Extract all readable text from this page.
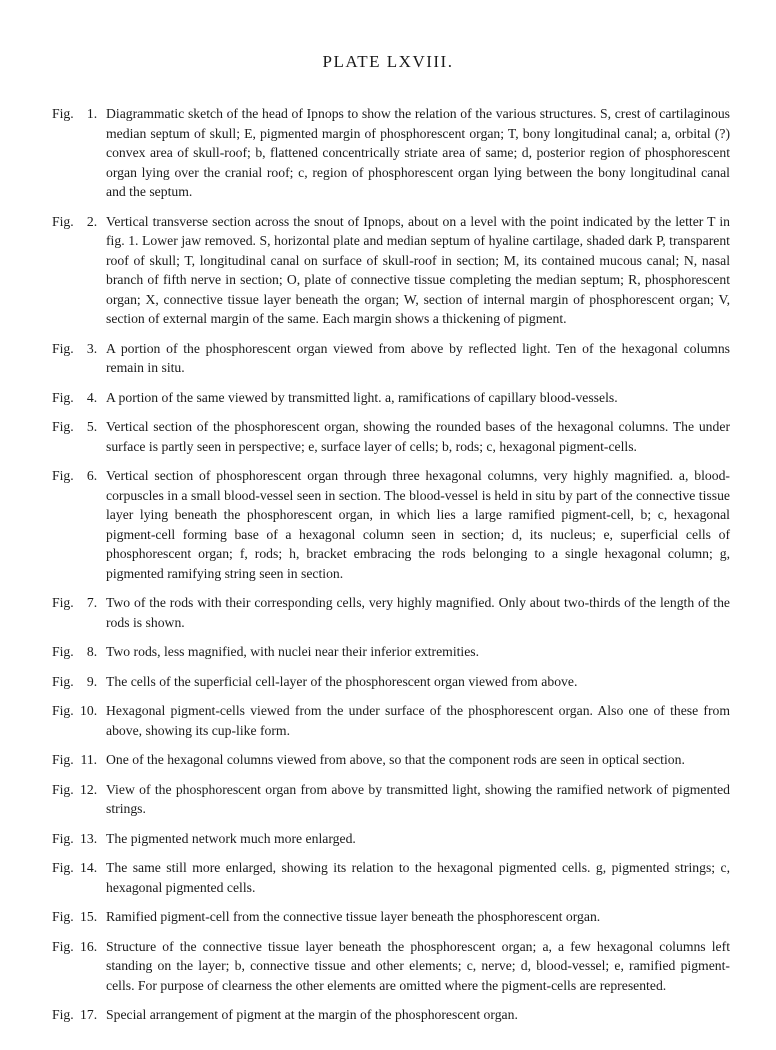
PLATE LXVIII.
Fig. 1. Diagrammatic sketch of the head of Ipnops to show the relation of the various structures. S, crest of cartilaginous median septum of skull; E, pigmented margin of phosphorescent organ; T, bony longitudinal canal; a, orbital (?) convex area of skull-roof; b, flattened concentrically striate area of same; d, posterior region of phosphorescent organ lying over the cranial roof; c, region of phosphorescent organ lying between the bony longitudinal canal and the septum.
Fig. 2. Vertical transverse section across the snout of Ipnops, about on a level with the point indicated by the letter T in fig. 1. Lower jaw removed. S, horizontal plate and median septum of hyaline cartilage, shaded dark P, transparent roof of skull; T, longitudinal canal on surface of skull-roof in section; M, its contained mucous canal; N, nasal branch of fifth nerve in section; O, plate of connective tissue completing the median septum; R, phosphorescent organ; X, connective tissue layer beneath the organ; W, section of internal margin of phosphorescent organ; V, section of external margin of the same. Each margin shows a thickening of pigment.
Fig. 3. A portion of the phosphorescent organ viewed from above by reflected light. Ten of the hexagonal columns remain in situ.
Fig. 4. A portion of the same viewed by transmitted light. a, ramifications of capillary blood-vessels.
Fig. 5. Vertical section of the phosphorescent organ, showing the rounded bases of the hexagonal columns. The under surface is partly seen in perspective; e, surface layer of cells; b, rods; c, hexagonal pigment-cells.
Fig. 6. Vertical section of phosphorescent organ through three hexagonal columns, very highly magnified. a, blood-corpuscles in a small blood-vessel seen in section. The blood-vessel is held in situ by part of the connective tissue layer lying beneath the phosphorescent organ, in which lies a large ramified pigment-cell, b; c, hexagonal pigment-cell forming base of a hexagonal column seen in section; d, its nucleus; e, superficial cells of phosphorescent organ; f, rods; h, bracket embracing the rods belonging to a single hexagonal column; g, pigmented ramifying string seen in section.
Fig. 7. Two of the rods with their corresponding cells, very highly magnified. Only about two-thirds of the length of the rods is shown.
Fig. 8. Two rods, less magnified, with nuclei near their inferior extremities.
Fig. 9. The cells of the superficial cell-layer of the phosphorescent organ viewed from above.
Fig. 10. Hexagonal pigment-cells viewed from the under surface of the phosphorescent organ. Also one of these from above, showing its cup-like form.
Fig. 11. One of the hexagonal columns viewed from above, so that the component rods are seen in optical section.
Fig. 12. View of the phosphorescent organ from above by transmitted light, showing the ramified network of pigmented strings.
Fig. 13. The pigmented network much more enlarged.
Fig. 14. The same still more enlarged, showing its relation to the hexagonal pigmented cells. g, pigmented strings; c, hexagonal pigmented cells.
Fig. 15. Ramified pigment-cell from the connective tissue layer beneath the phosphorescent organ.
Fig. 16. Structure of the connective tissue layer beneath the phosphorescent organ; a, a few hexagonal columns left standing on the layer; b, connective tissue and other elements; c, nerve; d, blood-vessel; e, ramified pigment-cells. For purpose of clearness the other elements are omitted where the pigment-cells are represented.
Fig. 17. Special arrangement of pigment at the margin of the phosphorescent organ.
